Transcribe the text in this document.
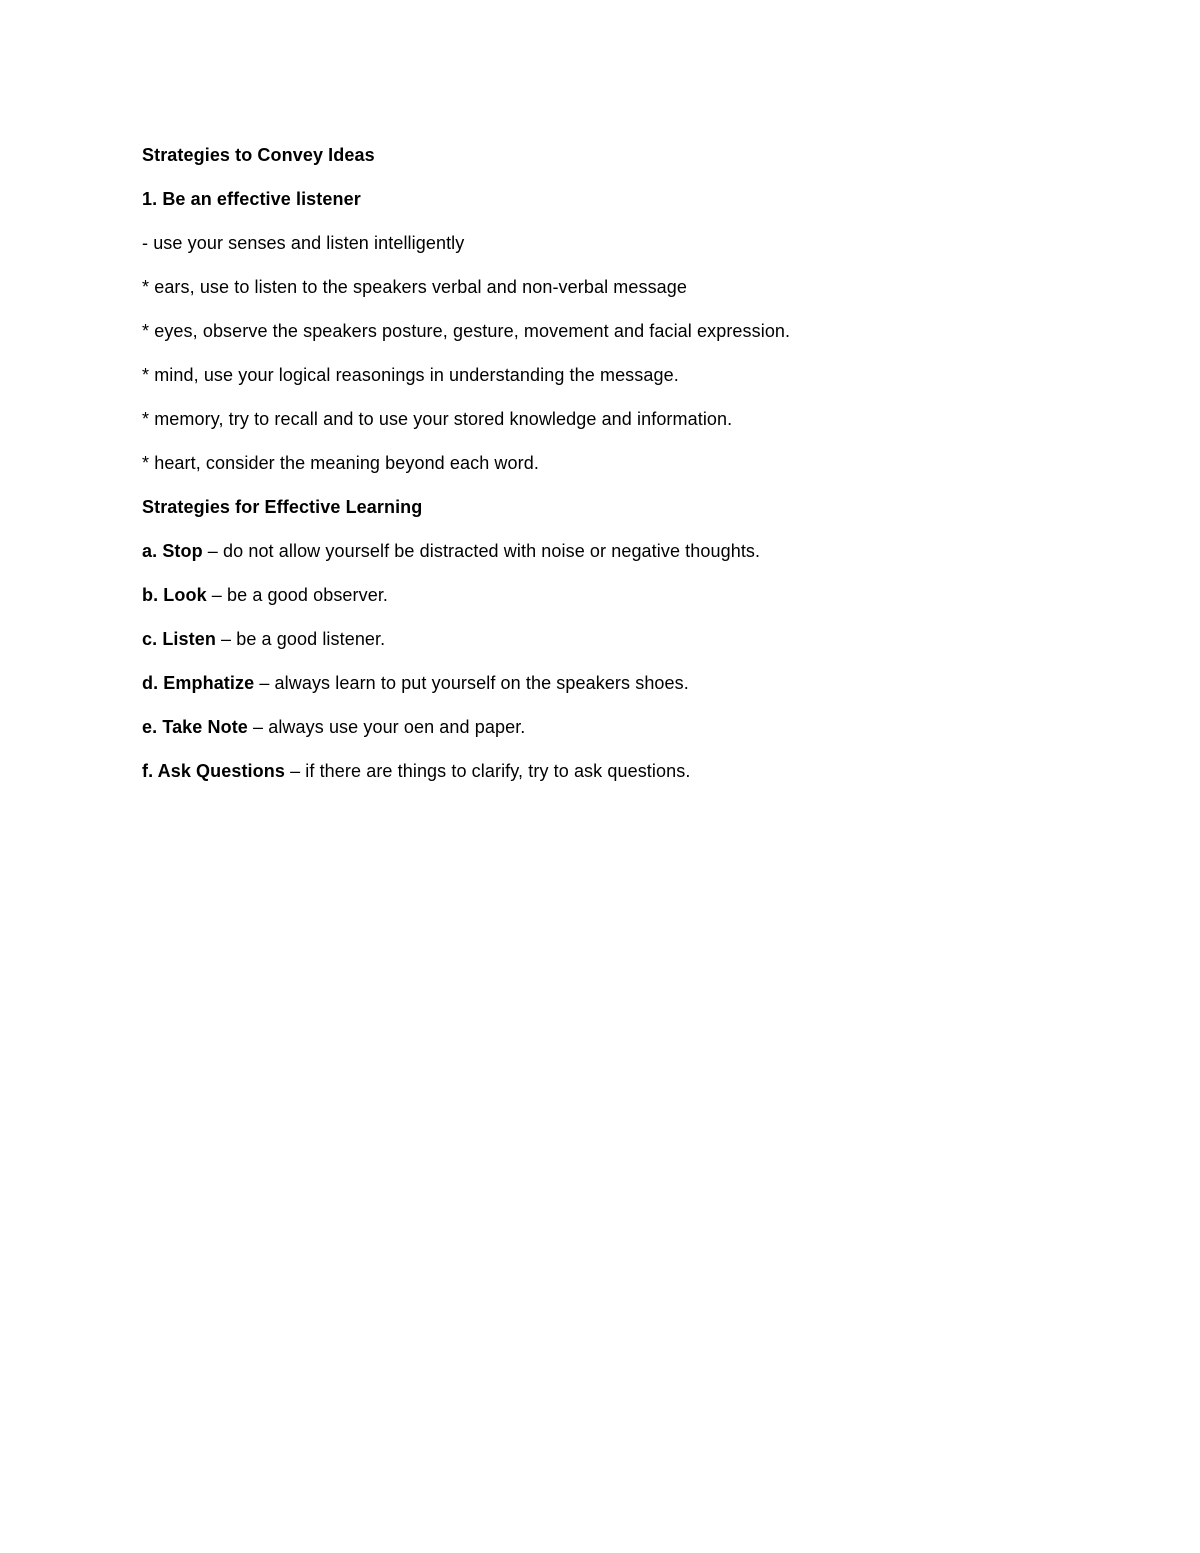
Strategies to Convey Ideas
1. Be an effective listener
- use your senses and listen intelligently
* ears, use to listen to the speakers verbal and non-verbal message
* eyes, observe the speakers posture, gesture, movement and facial expression.
* mind, use your logical reasonings in understanding the message.
* memory, try to recall and to use your stored knowledge and information.
* heart, consider the meaning beyond each word.
Strategies for Effective Learning
a. Stop – do not allow yourself be distracted with noise or negative thoughts.
b. Look – be a good observer.
c. Listen – be a good listener.
d. Emphatize – always learn to put yourself on the speakers shoes.
e. Take Note – always use your oen and paper.
f. Ask Questions – if there are things to clarify, try to ask questions.
